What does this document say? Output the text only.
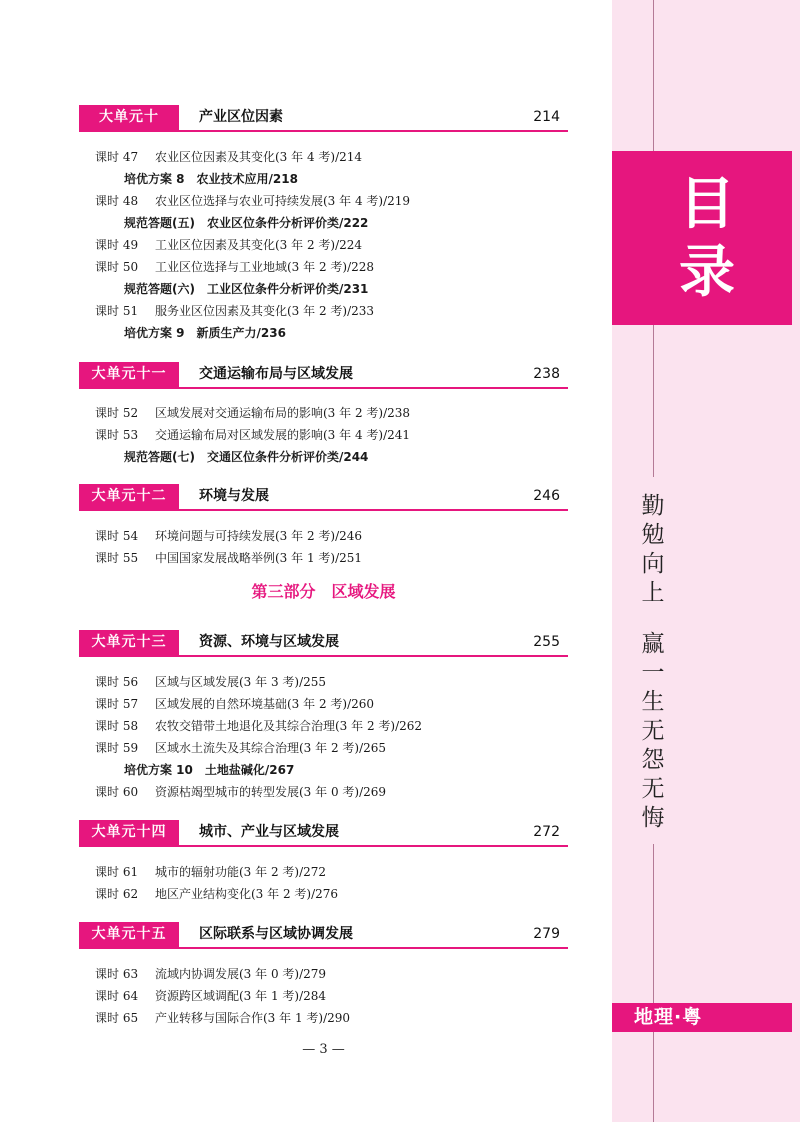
目
录
勤
勉
向
上
赢
一
生
无
怨
无
悔
地理·粤
大单元十	产业区位因素	214
课时 47 农业区位因素及其变化(3 年 4 考)/214
培优方案 8　农业技术应用/218
课时 48 农业区位选择与农业可持续发展(3 年 4 考)/219
规范答题(五)　农业区位条件分析评价类/222
课时 49 工业区位因素及其变化(3 年 2 考)/224
课时 50 工业区位选择与工业地域(3 年 2 考)/228
规范答题(六)　工业区位条件分析评价类/231
课时 51 服务业区位因素及其变化(3 年 2 考)/233
培优方案 9　新质生产力/236
大单元十一	交通运输布局与区域发展	238
课时 52 区域发展对交通运输布局的影响(3 年 2 考)/238
课时 53 交通运输布局对区域发展的影响(3 年 4 考)/241
规范答题(七)　交通区位条件分析评价类/244
大单元十二	环境与发展	246
课时 54 环境问题与可持续发展(3 年 2 考)/246
课时 55 中国国家发展战略举例(3 年 1 考)/251
第三部分　区域发展
大单元十三	资源、环境与区域发展	255
课时 56 区域与区域发展(3 年 3 考)/255
课时 57 区域发展的自然环境基础(3 年 2 考)/260
课时 58 农牧交错带土地退化及其综合治理(3 年 2 考)/262
课时 59 区域水土流失及其综合治理(3 年 2 考)/265
培优方案 10　土地盐碱化/267
课时 60 资源枯竭型城市的转型发展(3 年 0 考)/269
大单元十四	城市、产业与区域发展	272
课时 61 城市的辐射功能(3 年 2 考)/272
课时 62 地区产业结构变化(3 年 2 考)/276
大单元十五	区际联系与区域协调发展	279
课时 63 流域内协调发展(3 年 0 考)/279
课时 64 资源跨区域调配(3 年 1 考)/284
课时 65 产业转移与国际合作(3 年 1 考)/290
— 3 —
